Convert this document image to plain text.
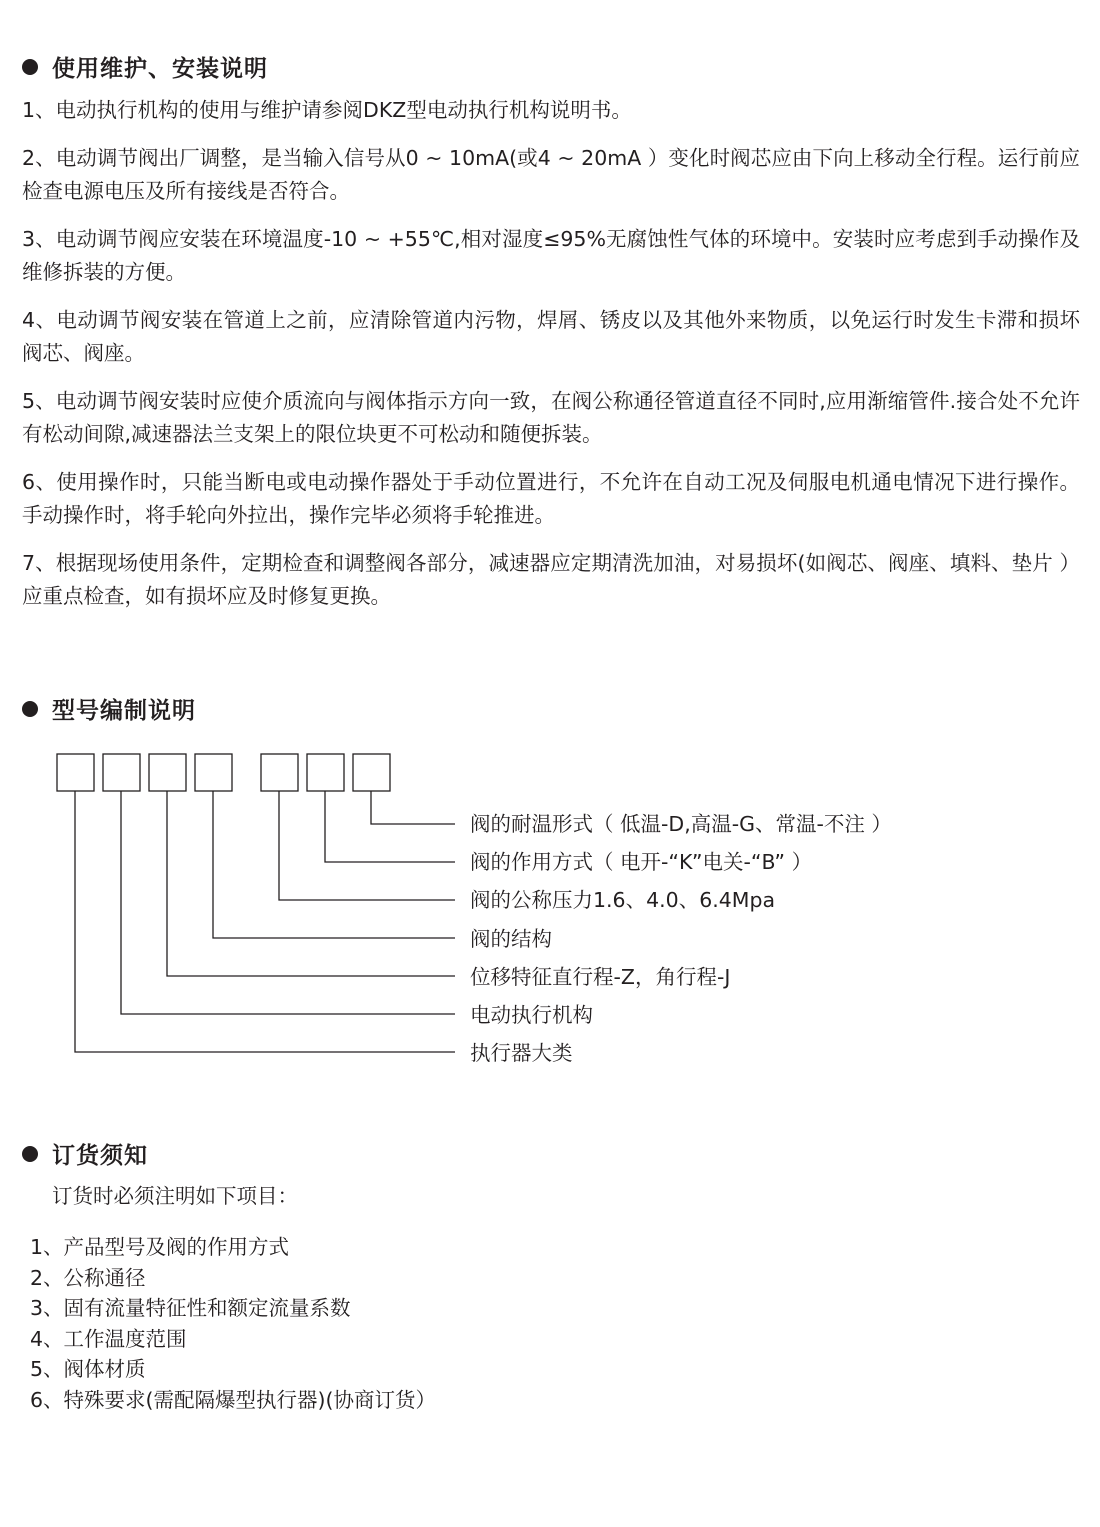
使用维护、安装说明

1、电动执行机构的使用与维护请参阅DKZ型电动执行机构说明书。

2、电动调节阀出厂调整，是当输入信号从0 ~ 10mA(或4 ~ 20mA ）变化时阀芯应由下向上移动全行程。运行前应检查电源电压及所有接线是否符合。

3、电动调节阀应安装在环境温度-10 ~ +55℃,相对湿度≤95%无腐蚀性气体的环境中。安装时应考虑到手动操作及维修拆装的方便。

4、电动调节阀安装在管道上之前，应清除管道内污物，焊屑、锈皮以及其他外来物质，以免运行时发生卡滞和损坏阀芯、阀座。

5、电动调节阀安装时应使介质流向与阀体指示方向一致，在阀公称通径管道直径不同时,应用渐缩管件.接合处不允许有松动间隙,减速器法兰支架上的限位块更不可松动和随便拆装。

6、使用操作时，只能当断电或电动操作器处于手动位置进行，不允许在自动工况及伺服电机通电情况下进行操作。手动操作时，将手轮向外拉出，操作完毕必须将手轮推进。

7、根据现场使用条件，定期检查和调整阀各部分，减速器应定期清洗加油，对易损坏(如阀芯、阀座、填料、垫片 ）应重点检查，如有损坏应及时修复更换。

型号编制说明
阀的耐温形式（ 低温-D,高温-G、常温-不注 ）
阀的作用方式（ 电开-“K”电关-“B” ）
阀的公称压力1.6、4.0、6.4Mpa
阀的结构
位移特征直行程-Z，角行程-J
电动执行机构
执行器大类
订货须知
订货时必须注明如下项目：
1、产品型号及阀的作用方式
2、公称通径
3、固有流量特征性和额定流量系数
4、工作温度范围
5、阀体材质
6、特殊要求(需配隔爆型执行器)(协商订货）
